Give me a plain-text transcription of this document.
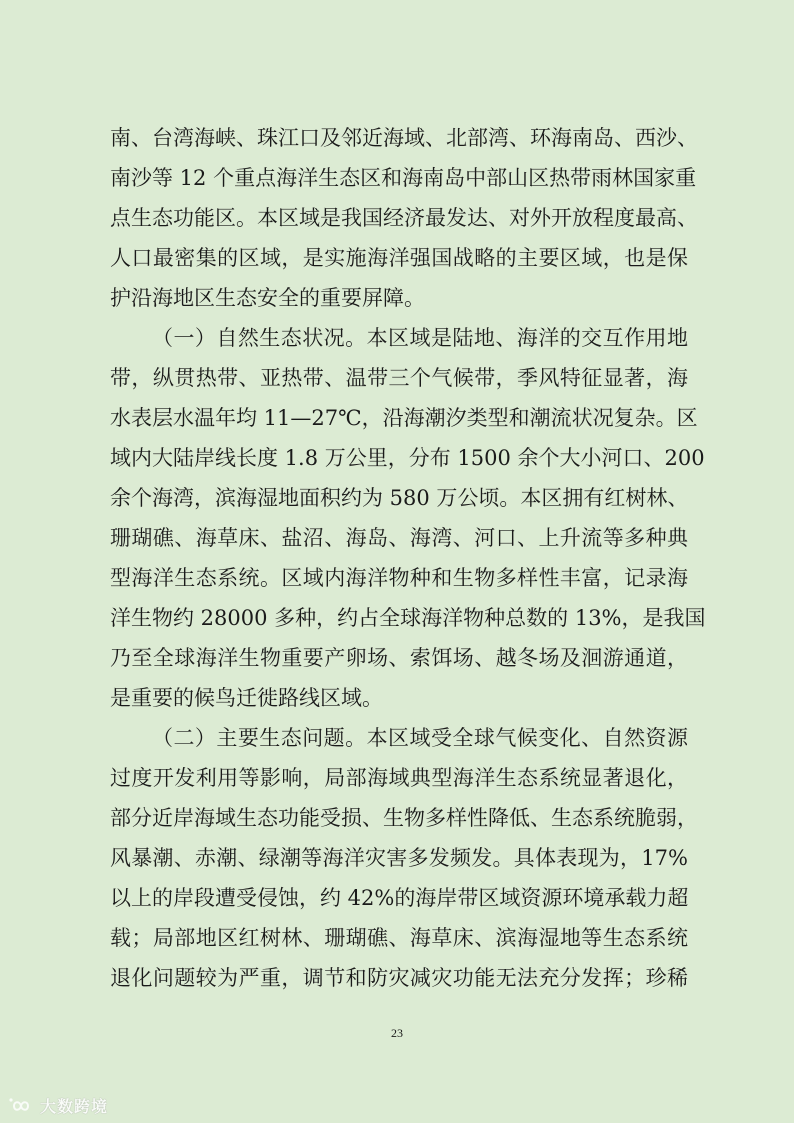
南、台湾海峡、珠江口及邻近海域、北部湾、环海南岛、西沙、
南沙等 12 个重点海洋生态区和海南岛中部山区热带雨林国家重
点生态功能区。本区域是我国经济最发达、对外开放程度最高、
人口最密集的区域，是实施海洋强国战略的主要区域，也是保
护沿海地区生态安全的重要屏障。
（一）自然生态状况。本区域是陆地、海洋的交互作用地
带，纵贯热带、亚热带、温带三个气候带，季风特征显著，海
水表层水温年均 11—27℃，沿海潮汐类型和潮流状况复杂。区
域内大陆岸线长度 1.8 万公里，分布 1500 余个大小河口、200
余个海湾，滨海湿地面积约为 580 万公顷。本区拥有红树林、
珊瑚礁、海草床、盐沼、海岛、海湾、河口、上升流等多种典
型海洋生态系统。区域内海洋物种和生物多样性丰富，记录海
洋生物约 28000 多种，约占全球海洋物种总数的 13%，是我国
乃至全球海洋生物重要产卵场、索饵场、越冬场及洄游通道，
是重要的候鸟迁徙路线区域。
（二）主要生态问题。本区域受全球气候变化、自然资源
过度开发利用等影响，局部海域典型海洋生态系统显著退化，
部分近岸海域生态功能受损、生物多样性降低、生态系统脆弱，
风暴潮、赤潮、绿潮等海洋灾害多发频发。具体表现为，17%
以上的岸段遭受侵蚀，约 42%的海岸带区域资源环境承载力超
载；局部地区红树林、珊瑚礁、海草床、滨海湿地等生态系统
退化问题较为严重，调节和防灾减灾功能无法充分发挥；珍稀
23
大数跨境
